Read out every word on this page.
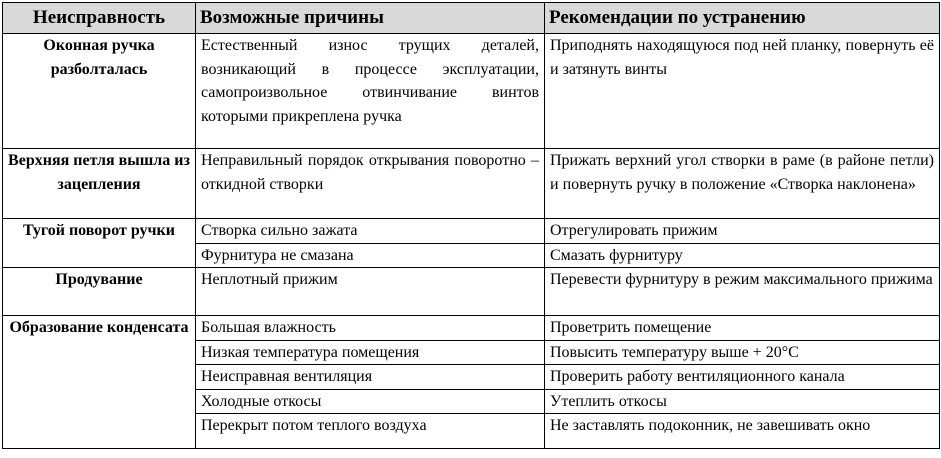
Неисправность	Возможные причины	Рекомендации по устранению
Оконная ручка разболталась	Естественный износ трущих деталей, возникающий в процессе эксплуатации, самопроизвольное отвинчивание винтов которыми прикреплена ручка	Приподнять находящуюся под ней планку, повернуть её и затянуть винты
Верхняя петля вышла из зацепления	Неправильный порядок открывания поворотно – откидной створки	Прижать верхний угол створки в раме (в районе петли) и повернуть ручку в положение «Створка наклонена»
Тугой поворот ручки	Створка сильно зажата	Отрегулировать прижим
	Фурнитура не смазана	Смазать фурнитуру
Продувание	Неплотный прижим	Перевести фурнитуру в режим максимального прижима
Образование конденсата	Большая влажность	Проветрить помещение
	Низкая температура помещения	Повысить температуру выше + 20°С
	Неисправная вентиляция	Проверить работу вентиляционного канала
	Холодные откосы	Утеплить откосы
	Перекрыт потом теплого воздуха	Не заставлять подоконник, не завешивать окно
